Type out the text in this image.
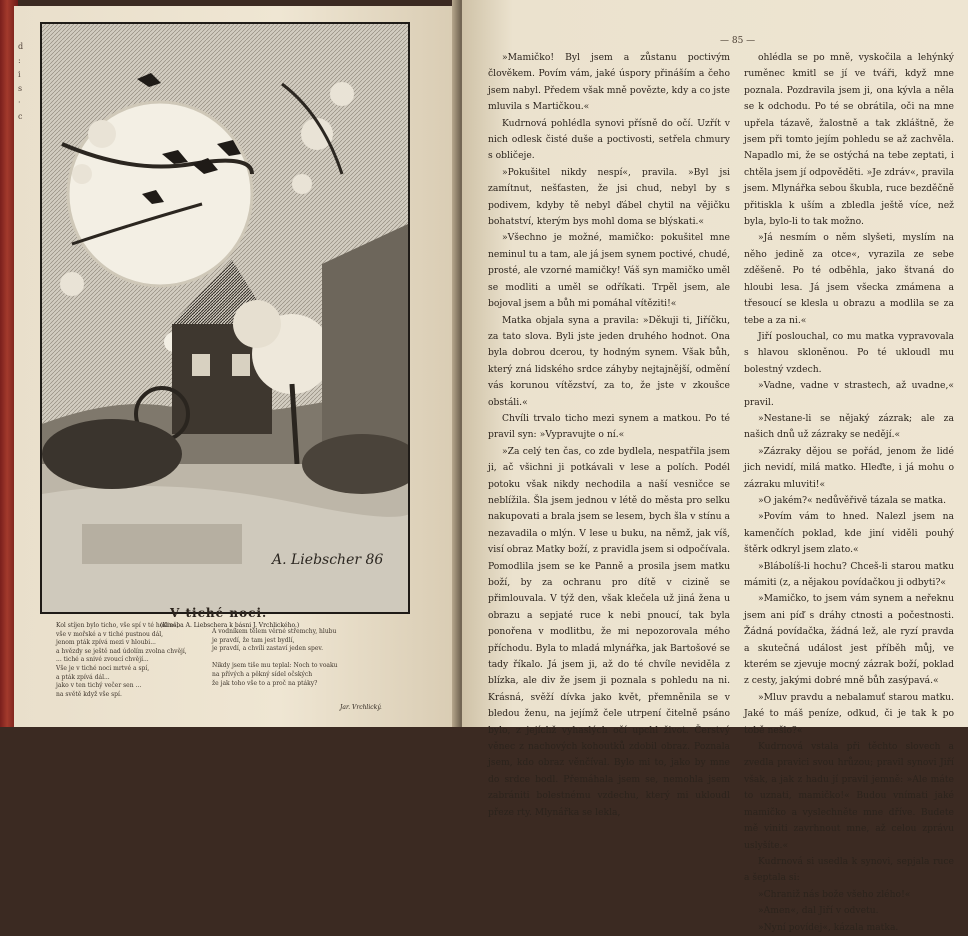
d
:
i
s
·
c
A. Liebscher 86
V tiché noci.
(Kresba A. Liebschera k básni J. Vrchlického.)
Kol stíjen bylo ticho, vše spí v té hodině,
vše v mořské a v tiché pustnou dál,
jenom pták zpívá mezi v hloubi...
a hvězdy se ještě nad údolím zvolna chvějí,
... tiché a snivé zvoucí chvějí...
Vše je v tiché noci mrtvé a spí,
a pták zpívá dál...
jako v ten tichý večer sen ...
na světě když vše spí.
A vodníkem tělem věrné střemchy, hlubu
je pravdí, že tam jest bydlí,
je pravdí, a chvíli zastaví jeden spev.

Nikdy jsem tiše mu teplal: Noch to voaku
na přívých a pěkný sídel očských
že jak toho vše to a proč na ptáky?
Jar. Vrchlický.
— 85 —

»Mamičko! Byl jsem a zůstanu poctivým člověkem. Povím vám, jaké úspory přináším a čeho jsem nabyl. Předem však mně povězte, kdy a co jste mluvila s Martičkou.«

Kudrnová pohlédla synovi přísně do očí. Uzřít v nich odlesk čisté duše a poctivosti, setřela chmury s obličeje.

»Pokušitel nikdy nespí«, pravila. »Byl jsi zamítnut, nešťasten, že jsi chud, nebyl by s podivem, kdyby tě nebyl ďábel chytil na vějičku bohatství, kterým bys mohl doma se blýskati.«

»Všechno je možné, mamičko: pokušitel mne neminul tu a tam, ale já jsem synem poctivé, chudé, prosté, ale vzorné mamičky! Váš syn mamičko uměl se modliti a uměl se odříkati. Trpěl jsem, ale bojoval jsem a bůh mi pomáhal vítěziti!«

Matka objala syna a pravila: »Děkuji ti, Jiříčku, za tato slova. Byli jste jeden druhého hodnot. Ona byla dobrou dcerou, ty hodným synem. Však bůh, který zná lidského srdce záhyby nejtajnější, odmění vás korunou vítězství, za to, že jste v zkoušce obstáli.«

Chvíli trvalo ticho mezi synem a matkou. Po té pravil syn: »Vypravujte o ní.«

»Za celý ten čas, co zde bydlela, nespatřila jsem ji, ač všichni ji potkávali v lese a polích. Podél potoku však nikdy nechodila a naší vesničce se neblížila. Šla jsem jednou v létě do města pro selku nakupovati a brala jsem se lesem, bych šla v stínu a nezavadila o mlýn. V lese u buku, na němž, jak víš, visí obraz Matky boží, z pravidla jsem si odpočívala. Pomodlila jsem se ke Panně a prosila jsem matku boží, by za ochranu pro dítě v cizině se přimlouvala. V týž den, však klečela už jiná žena u obrazu a sepjaté ruce k nebi pnoucí, tak byla ponořena v modlitbu, že mi nepozorovala mého příchodu. Byla to mladá mlynářka, jak Bartošové se tady říkalo. Já jsem ji, až do té chvíle neviděla z blízka, ale div že jsem ji poznala s pohledu na ni. Krásná, svěží dívka jako květ, přemněnila se v bledou ženu, na jejímž čele utrpení čitelně psáno bylo, z jejíchž vyhaslých očí upchl život. Čerstvý věnec z nachových kohoutků zdobil obraz. Poznala jsem, kdo obraz věnčíval. Bylo mi to, jako by mne do srdce bodl. Přemáhala jsem se, nemohla jsem zabrániti bolestnému vzdechu, který mi ukloudl přeze rty. Mlynářka se lekla,

ohlédla se po mně, vyskočila a lehýnký ruměnec kmitl se jí ve tváři, když mne poznala. Pozdravila jsem ji, ona kývla a něla se k odchodu. Po té se obrátila, oči na mne upřela tázavě, žalostně a tak zkláštně, že jsem při tomto jejím pohledu se až zachvěla. Napadlo mi, že se ostýchá na tebe zeptati, i chtěla jsem jí odpověděti. »Je zdráv«, pravila jsem. Mlynářka sebou škubla, ruce bezděčně přitiskla k uším a zbledla ještě více, než byla, bylo-li to tak možno.

»Já nesmím o něm slyšeti, myslím na něho jedině za otce«, vyrazila ze sebe zděšeně. Po té odběhla, jako štvaná do hloubi lesa. Já jsem všecka zmámena a třesoucí se klesla u obrazu a modlila se za tebe a za ni.«

Jiří poslouchal, co mu matka vypravovala s hlavou skloněnou. Po té ukloudl mu bolestný vzdech.

»Vadne, vadne v strastech, až uvadne,« pravil.

»Nestane-li se nějaký zázrak; ale za našich dnů už zázraky se nedějí.«

»Zázraky dějou se pořád, jenom že lidé jich nevidí, milá matko. Hleďte, i já mohu o zázraku mluviti!«

»O jakém?« nedůvěřivě tázala se matka.

»Povím vám to hned. Nalezl jsem na kamenčích poklad, kde jiní viděli pouhý štěrk odkryl jsem zlato.«

»Blábolíš-li hochu? Chceš-li starou matku mámiti (z, a nějakou povídačkou ji odbyti?«

»Mamičko, to jsem vám synem a neřeknu jsem ani píď s dráhy ctnosti a počestnosti. Žádná povídačka, žádná lež, ale ryzí pravda a skutečná událost jest příběh můj, ve kterém se zjevuje mocný zázrak boží, poklad z cesty, jakými dobré mně bůh zasýpavá.«

»Mluv pravdu a nebalamuť starou matku. Jaké to máš peníze, odkud, či je tak k po tobě nešlo?«

Kudrnová vstala při těchto slovech a zvedla pravici svou hrůzou; pravil synovi Jiří však, a jak z hadu jí pravil jemně: »Ale máte to uznati, mamičko!« Budou vnímati jaké mamičko a vyslechněte mne dříve. Budete mě viniti zavrhnout mne, až celou zprávu uslyšíte.«

Kudrnová si usedla k synovi, sepjala ruce a šeptala si:

»Chraniž nás bože všeho zlého!«

»Amen«, dal Jiří v odvetu.

»Nyní povídej«, kázala matka.
